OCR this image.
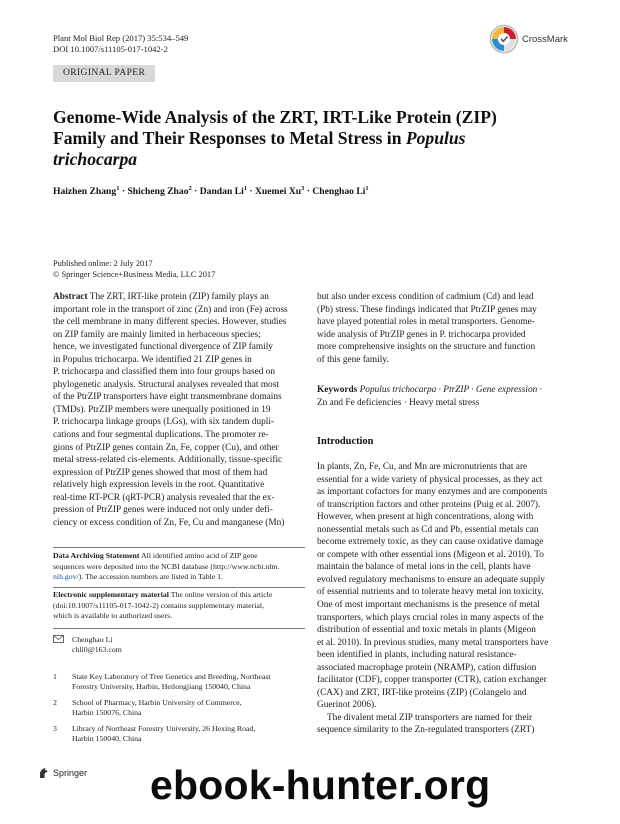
Plant Mol Biol Rep (2017) 35:534–549
DOI 10.1007/s11105-017-1042-2
CrossMark
ORIGINAL PAPER
Genome-Wide Analysis of the ZRT, IRT-Like Protein (ZIP)
Family and Their Responses to Metal Stress in Populus
trichocarpa
Haizhen Zhang$^1$ · Shicheng Zhao$^2$ · Dandan $Li^1$ · Xuemei $Xu^3$ · Chenghao Li$^1$
Published online: 2 July 2017
© Springer Science+Business Media, LLC 2017
Abstract The ZRT, IRT-like protein (ZIP) family plays an
important role in the transport of zinc (Zn) and iron (Fe) across
the cell membrane in many different species. However, studies
on ZIP family are mainly limited in herbaceous species;
hence, we investigated functional divergence of ZIP family
in Populus trichocarpa. We identified 21 ZIP genes in
P. trichocarpa and classified them into four groups based on
phylogenetic analysis. Structural analyses revealed that most
of the PtrZIP transporters have eight transmembrane domains
(TMDs). PtrZIP members were unequally positioned in 19
P. trichocarpa linkage groups (LGs), with six tandem dupli-
cations and four segmental duplications. The promoter re-
gions of PtrZIP genes contain Zn, Fe, copper (Cu), and other
metal stress-related cis-elements. Additionally, tissue-specific
expression of PtrZIP genes showed that most of them had
relatively high expression levels in the root. Quantitative
real-time RT-PCR (qRT-PCR) analysis revealed that the ex-
pression of PtrZIP genes were induced not only under defi-
ciency or excess condition of Zn, Fe, Cu and manganese (Mn)
Data Archiving Statement All identified amino acid of ZIP gene
sequences were deposited into the NCBI database (http://www.ncbi.nlm.
nih.gov/). The accession numbers are listed in Table 1.
Electronic supplementary material The online version of this article
(doi:10.1007/s11105-017-1042-2) contains supplementary material,
which is available to authorized users.
Chenghao Li
chli0@163.com
1	State Key Laboratory of Tree Genetics and Breeding, Northeast
Forestry University, Harbin, Heilongjiang 150040, China
2	School of Pharmacy, Harbin University of Commerce,
Harbin 150076, China
3	Library of Northeast Forestry University, 26 Hexing Road,
Harbin 150040, China
but also under excess condition of cadmium (Cd) and lead
(Pb) stress. These findings indicated that PtrZIP genes may
have played potential roles in metal transporters. Genome-
wide analysis of PtrZIP genes in P. trichocarpa provided
more comprehensive insights on the structure and function
of this gene family.
Keywords Populus trichocarpa · PtrZIP · Gene expression ·
Zn and Fe deficiencies · Heavy metal stress
Introduction
In plants, Zn, Fe, Cu, and Mn are micronutrients that are
essential for a wide variety of physical processes, as they act
as important cofactors for many enzymes and are components
of transcription factors and other proteins (Puig et al. 2007).
However, when present at high concentrations, along with
nonessential metals such as Cd and Pb, essential metals can
become extremely toxic, as they can cause oxidative damage
or compete with other essential ions (Migeon et al. 2010). To
maintain the balance of metal ions in the cell, plants have
evolved regulatory mechanisms to ensure an adequate supply
of essential nutrients and to tolerate heavy metal ion toxicity.
One of most important mechanisms is the presence of metal
transporters, which plays crucial roles in many aspects of the
distribution of essential and toxic metals in plants (Migeon
et al. 2010). In previous studies, many metal transporters have
been identified in plants, including natural resistance-
associated macrophage protein (NRAMP), cation diffusion
facilitator (CDF), copper transporter (CTR), cation exchanger
(CAX) and ZRT, IRT-like proteins (ZIP) (Colangelo and
Guerinot 2006).
The divalent metal ZIP transporters are named for their
sequence similarity to the Zn-regulated transporters (ZRT)
Springer ebook-hunter.org
